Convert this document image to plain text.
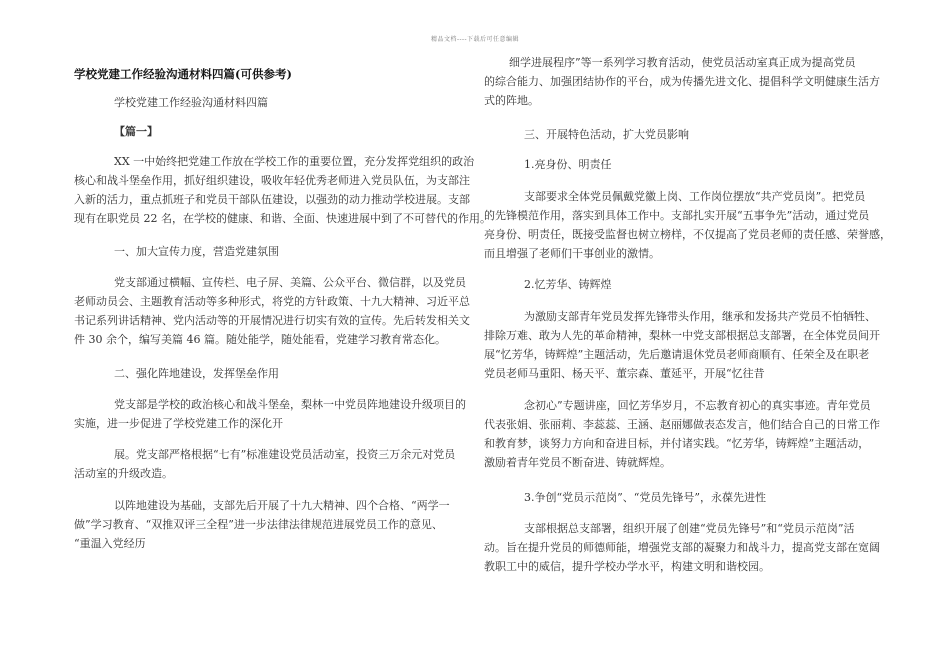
精品文档----下载后可任意编辑
学校党建工作经验沟通材料四篇(可供参考)
学校党建工作经验沟通材料四篇
【篇一】
XX 一中始终把党建工作放在学校工作的重要位置，充分发挥党组织的政治
核心和战斗堡垒作用，抓好组织建设，吸收年轻优秀老师进入党员队伍，为支部注
入新的活力，重点抓班子和党员干部队伍建设，以强劲的动力推动学校进展。支部
现有在职党员 22 名，在学校的健康、和谐、全面、快速进展中到了不可替代的作用。
一、加大宣传力度，营造党建氛围
党支部通过横幅、宣传栏、电子屏、美篇、公众平台、微信群，以及党员
老师动员会、主题教育活动等多种形式，将党的方针政策、十九大精神、习近平总
书记系列讲话精神、党内活动等的开展情况进行切实有效的宣传。先后转发相关文
件 30 余个，编写美篇 46 篇。随处能学，随处能看，党建学习教育常态化。
二、强化阵地建设，发挥堡垒作用
党支部是学校的政治核心和战斗堡垒，梨林一中党员阵地建设升级项目的
实施，进一步促进了学校党建工作的深化开
展。党支部严格根据“七有”标准建设党员活动室，投资三万余元对党员
活动室的升级改造。
以阵地建设为基础，支部先后开展了十九大精神、四个合格、“两学一
做”学习教育、“双推双评三全程”进一步法律法律规范进展党员工作的意见、
“重温入党经历
细学进展程序”等一系列学习教育活动，使党员活动室真正成为提高党员
的综合能力、加强团结协作的平台，成为传播先进文化、提倡科学文明健康生活方
式的阵地。
三、开展特色活动，扩大党员影响
1.亮身份、明责任
支部要求全体党员佩戴党徽上岗、工作岗位摆放“共产党员岗”。把党员
的先锋模范作用，落实到具体工作中。支部扎实开展“五事争先”活动，通过党员
亮身份、明责任，既接受监督也树立榜样，不仅提高了党员老师的责任感、荣誉感，
而且增强了老师们干事创业的激情。
2.忆芳华、铸辉煌
为激励支部青年党员发挥先锋带头作用，继承和发扬共产党员不怕牺牲、
排除万难、敢为人先的革命精神，梨林一中党支部根据总支部署，在全体党员间开
展“忆芳华，铸辉煌”主题活动，先后邀请退休党员老师商顺有、任荣全及在职老
党员老师马重阳、杨天平、董宗森、董延平，开展“忆往昔
念初心”专题讲座，回忆芳华岁月，不忘教育初心的真实事迹。青年党员
代表张娟、张丽莉、李蕊蕊、王涵、赵丽娜做表态发言，他们结合自己的日常工作
和教育梦，谈努力方向和奋进目标，并付诸实践。“忆芳华，铸辉煌”主题活动，
激励着青年党员不断奋进、铸就辉煌。
3.争创“党员示范岗”、“党员先锋号”，永葆先进性
支部根据总支部署，组织开展了创建“党员先锋号”和“党员示范岗”活
动。旨在提升党员的师德师能，增强党支部的凝聚力和战斗力，提高党支部在宽阔
教职工中的威信，提升学校办学水平，构建文明和谐校园。
